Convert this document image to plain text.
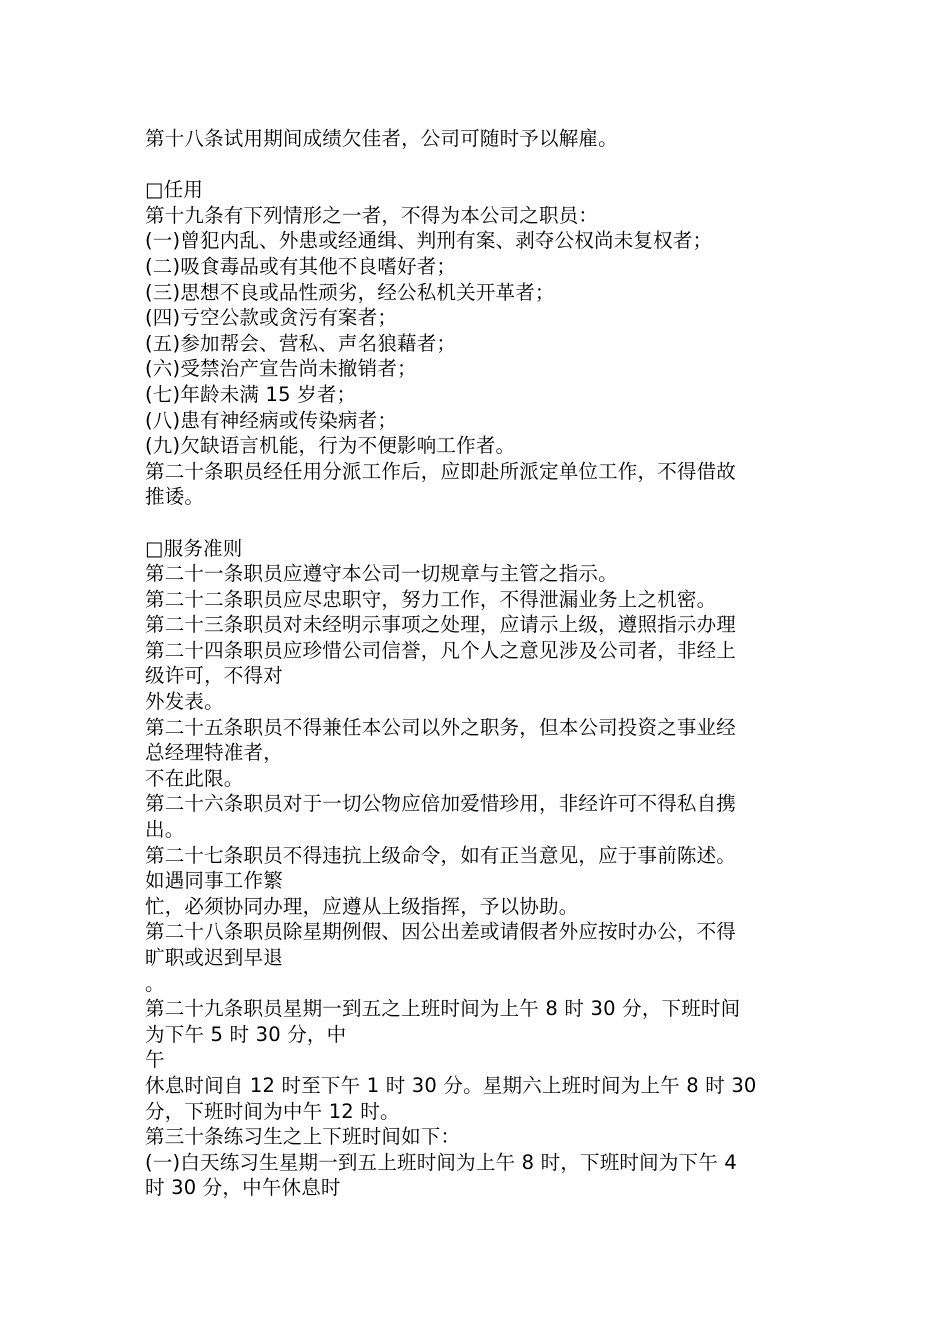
第十八条试用期间成绩欠佳者，公司可随时予以解雇。
□任用
第十九条有下列情形之一者，不得为本公司之职员：
(一)曾犯内乱、外患或经通缉、判刑有案、剥夺公权尚未复权者；
(二)吸食毒品或有其他不良嗜好者；
(三)思想不良或品性顽劣，经公私机关开革者；
(四)亏空公款或贪污有案者；
(五)参加帮会、营私、声名狼藉者；
(六)受禁治产宣告尚未撤销者；
(七)年龄未满 15 岁者；
(八)患有神经病或传染病者；
(九)欠缺语言机能，行为不便影响工作者。
第二十条职员经任用分派工作后，应即赴所派定单位工作，不得借故
推诿。
□服务准则
第二十一条职员应遵守本公司一切规章与主管之指示。
第二十二条职员应尽忠职守，努力工作，不得泄漏业务上之机密。
第二十三条职员对未经明示事项之处理，应请示上级，遵照指示办理
第二十四条职员应珍惜公司信誉，凡个人之意见涉及公司者，非经上
级许可，不得对
外发表。
第二十五条职员不得兼任本公司以外之职务，但本公司投资之事业经
总经理特准者，
不在此限。
第二十六条职员对于一切公物应倍加爱惜珍用，非经许可不得私自携
出。
第二十七条职员不得违抗上级命令，如有正当意见，应于事前陈述。
如遇同事工作繁
忙，必须协同办理，应遵从上级指挥，予以协助。
第二十八条职员除星期例假、因公出差或请假者外应按时办公，不得
旷职或迟到早退
。
第二十九条职员星期一到五之上班时间为上午 8 时 30 分，下班时间
为下午 5 时 30 分，中
午
休息时间自 12 时至下午 1 时 30 分。星期六上班时间为上午 8 时 30
分，下班时间为中午 12 时。
第三十条练习生之上下班时间如下：
(一)白天练习生星期一到五上班时间为上午 8 时，下班时间为下午 4
时 30 分，中午休息时
